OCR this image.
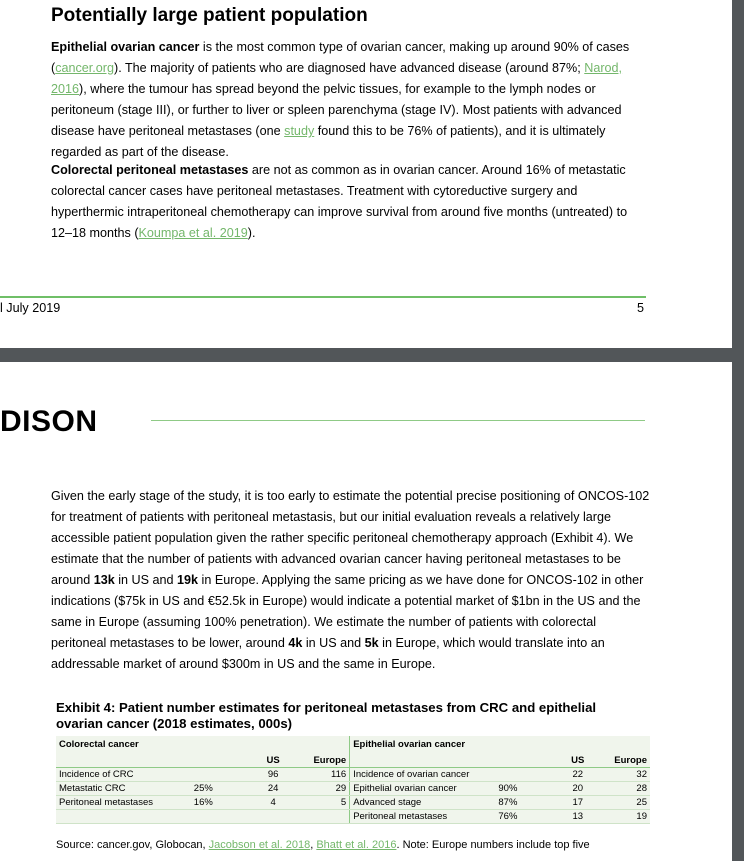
Potentially large patient population
Epithelial ovarian cancer is the most common type of ovarian cancer, making up around 90% of cases (cancer.org). The majority of patients who are diagnosed have advanced disease (around 87%; Narod, 2016), where the tumour has spread beyond the pelvic tissues, for example to the lymph nodes or peritoneum (stage III), or further to liver or spleen parenchyma (stage IV). Most patients with advanced disease have peritoneal metastases (one study found this to be 76% of patients), and it is ultimately regarded as part of the disease.
Colorectal peritoneal metastases are not as common as in ovarian cancer. Around 16% of metastatic colorectal cancer cases have peritoneal metastases. Treatment with cytoreductive surgery and hyperthermic intraperitoneal chemotherapy can improve survival from around five months (untreated) to 12–18 months (Koumpa et al. 2019).
l July 2019	5
DISON
Given the early stage of the study, it is too early to estimate the potential precise positioning of ONCOS-102 for treatment of patients with peritoneal metastasis, but our initial evaluation reveals a relatively large accessible patient population given the rather specific peritoneal chemotherapy approach (Exhibit 4). We estimate that the number of patients with advanced ovarian cancer having peritoneal metastases to be around 13k in US and 19k in Europe. Applying the same pricing as we have done for ONCOS-102 in other indications ($75k in US and €52.5k in Europe) would indicate a potential market of $1bn in the US and the same in Europe (assuming 100% penetration). We estimate the number of patients with colorectal peritoneal metastases to be lower, around 4k in US and 5k in Europe, which would translate into an addressable market of around $300m in US and the same in Europe.
Exhibit 4: Patient number estimates for peritoneal metastases from CRC and epithelial ovarian cancer (2018 estimates, 000s)
Colorectal cancer				Epithelial ovarian cancer			
		US	Europe			US	Europe
Incidence of CRC		96	116	Incidence of ovarian cancer		22	32
Metastatic CRC	25%	24	29	Epithelial ovarian cancer	90%	20	28
Peritoneal metastases	16%	4	5	Advanced stage	87%	17	25
				Peritoneal metastases	76%	13	19
Source: cancer.gov, Globocan, Jacobson et al. 2018, Bhatt et al. 2016. Note: Europe numbers include top five
